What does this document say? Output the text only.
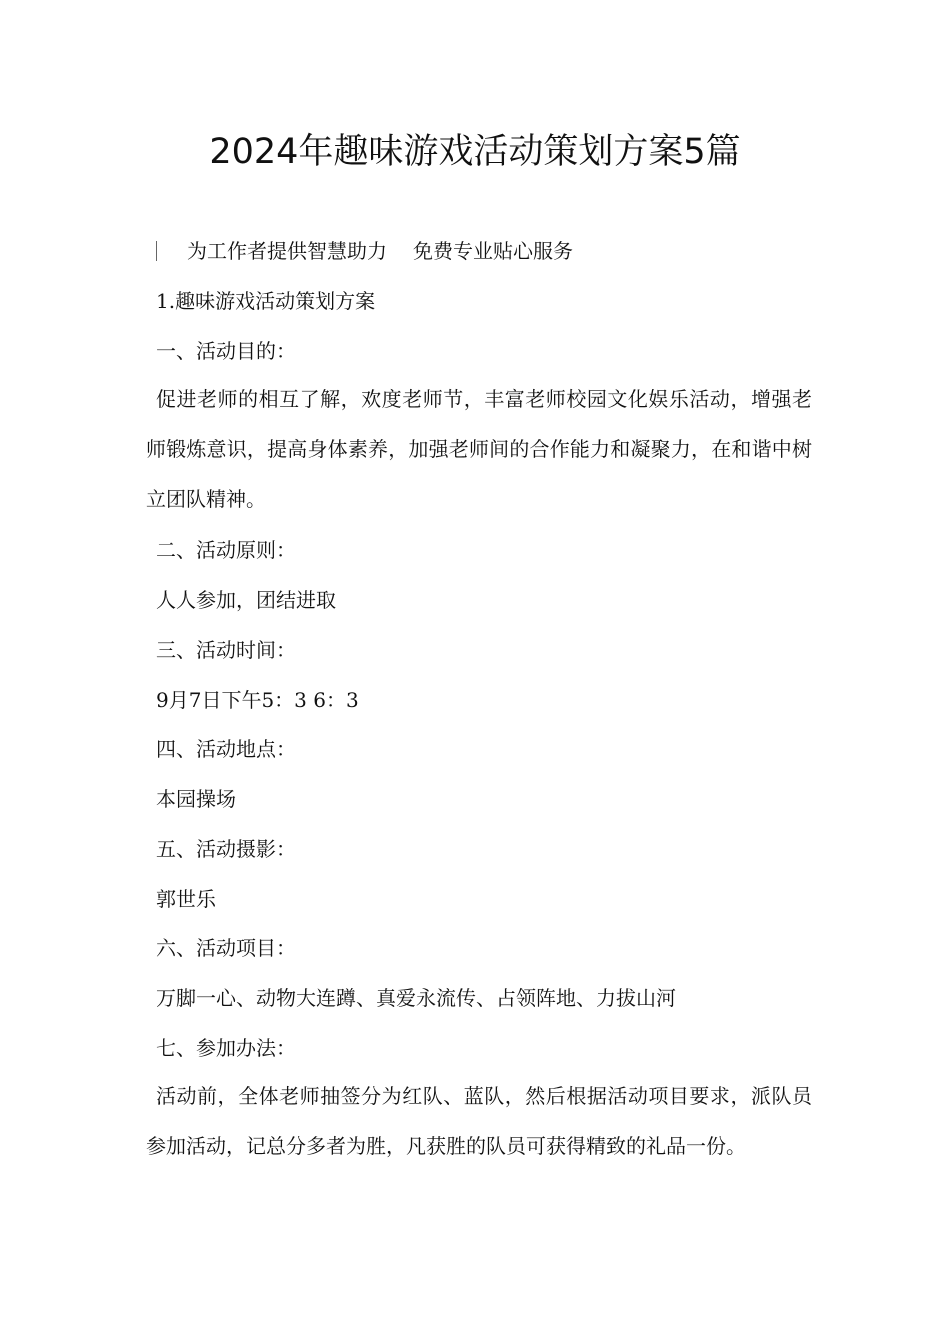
2024年趣味游戏活动策划方案5篇
为工作者提供智慧助力 免费专业贴心服务
1.趣味游戏活动策划方案
一、活动目的：

促进老师的相互了解，欢度老师节，丰富老师校园文化娱乐活动，增强老师锻炼意识，提高身体素养，加强老师间的合作能力和凝聚力，在和谐中树立团队精神。

二、活动原则：
人人参加，团结进取
三、活动时间：
9月7日下午5：3 6：3
四、活动地点：
本园操场
五、活动摄影：
郭世乐
六、活动项目：
万脚一心、动物大连蹲、真爱永流传、占领阵地、力拔山河
七、参加办法：

活动前，全体老师抽签分为红队、蓝队，然后根据活动项目要求，派队员参加活动，记总分多者为胜，凡获胜的队员可获得精致的礼品一份。
